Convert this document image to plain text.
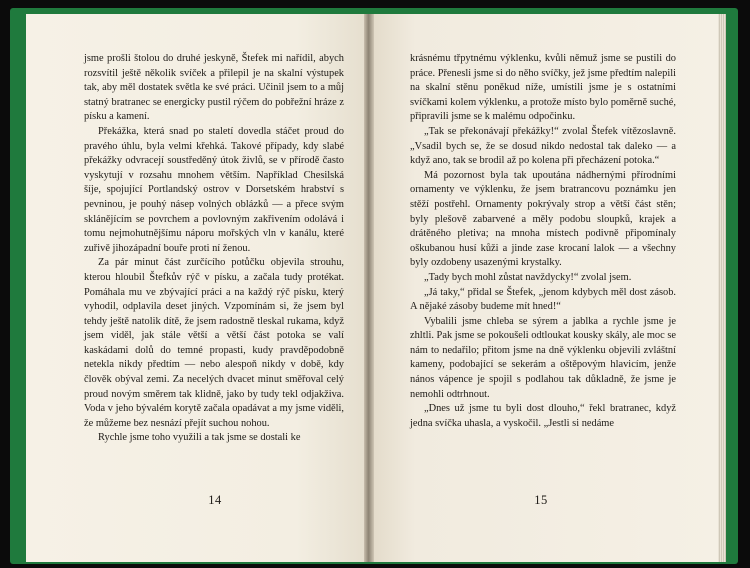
jsme prošli štolou do druhé jeskyně, Štefek mi nařídil, abych rozsvítil ještě několik svíček a přilepil je na skalní výstupek tak, aby měl dostatek světla ke své práci. Učinil jsem to a můj statný bratranec se energicky pustil rýčem do pobřežní hráze z písku a kamení.

Překážka, která snad po staletí dovedla stáčet proud do pravého úhlu, byla velmi křehká. Takové případy, kdy slabé překážky odvracejí soustředěný útok živlů, se v přírodě často vyskytují v rozsahu mnohem větším. Například Chesilská šíje, spojující Portlandský ostrov v Dorsetském hrabství s pevninou, je pouhý násep volných oblázků — a přece svým sklánějícím se povrchem a povlovným zakřivením odolává i tomu nejmohutnějšímu náporu mořských vln v kanálu, které zuřivě jihozápadní bouře proti ní ženou.

Za pár minut část zurčícího potůčku objevila strouhu, kterou hloubil Štefkův rýč v písku, a začala tudy protékat. Pomáhala mu ve zbývající práci a na každý rýč písku, který vyhodil, odplavila deset jiných. Vzpomínám si, že jsem byl tehdy ještě natolik dítě, že jsem radostně tleskal rukama, když jsem viděl, jak stále větší a větší část potoka se valí kaskádami dolů do temné propasti, kudy pravděpodobně netekla nikdy předtím — nebo alespoň nikdy v době, kdy člověk obýval zemi. Za necelých dvacet minut směřoval celý proud novým směrem tak klidně, jako by tudy tekl odjakživa. Voda v jeho bývalém korytě začala opadávat a my jsme viděli, že můžeme bez nesnází přejít suchou nohou.

Rychle jsme toho využili a tak jsme se dostali ke

14

krásnému třpytnému výklenku, kvůli němuž jsme se pustili do práce. Přenesli jsme si do něho svíčky, jež jsme předtím nalepili na skalní stěnu poněkud níže, umístili jsme je s ostatními svíčkami kolem výklenku, a protože místo bylo poměrně suché, připravili jsme se k malému odpočinku.

„Tak se překonávají překážky!“ zvolal Štefek vítězoslavně. „Vsadil bych se, že se dosud nikdo nedostal tak daleko — a když ano, tak se brodil až po kolena při přecházení potoka.“

Má pozornost byla tak upoutána nádhernými přírodními ornamenty ve výklenku, že jsem bratrancovu poznámku jen stěží postřehl. Ornamenty pokrývaly strop a větší část stěn; byly plešově zabarvené a měly podobu sloupků, krajek a drátěného pletiva; na mnoha místech podivně připomínaly oškubanou husí kůži a jinde zase krocaní lalok — a všechny byly ozdobeny usazenými krystalky.

„Tady bych mohl zůstat navždycky!“ zvolal jsem.

„Já taky,“ přidal se Štefek, „jenom kdybych měl dost zásob. A nějaké zásoby budeme mít hned!“

Vybalili jsme chleba se sýrem a jablka a rychle jsme je zhltli. Pak jsme se pokoušeli odtloukat kousky skály, ale moc se nám to nedařilo; přitom jsme na dně výklenku objevili zvláštní kameny, podobající se sekerám a oštěpovým hlavicím, jenže nános vápence je spojil s podlahou tak důkladně, že jsme je nemohli odtrhnout.

„Dnes už jsme tu byli dost dlouho,“ řekl bratranec, když jedna svíčka uhasla, a vyskočil. „Jestli si nedáme

15
